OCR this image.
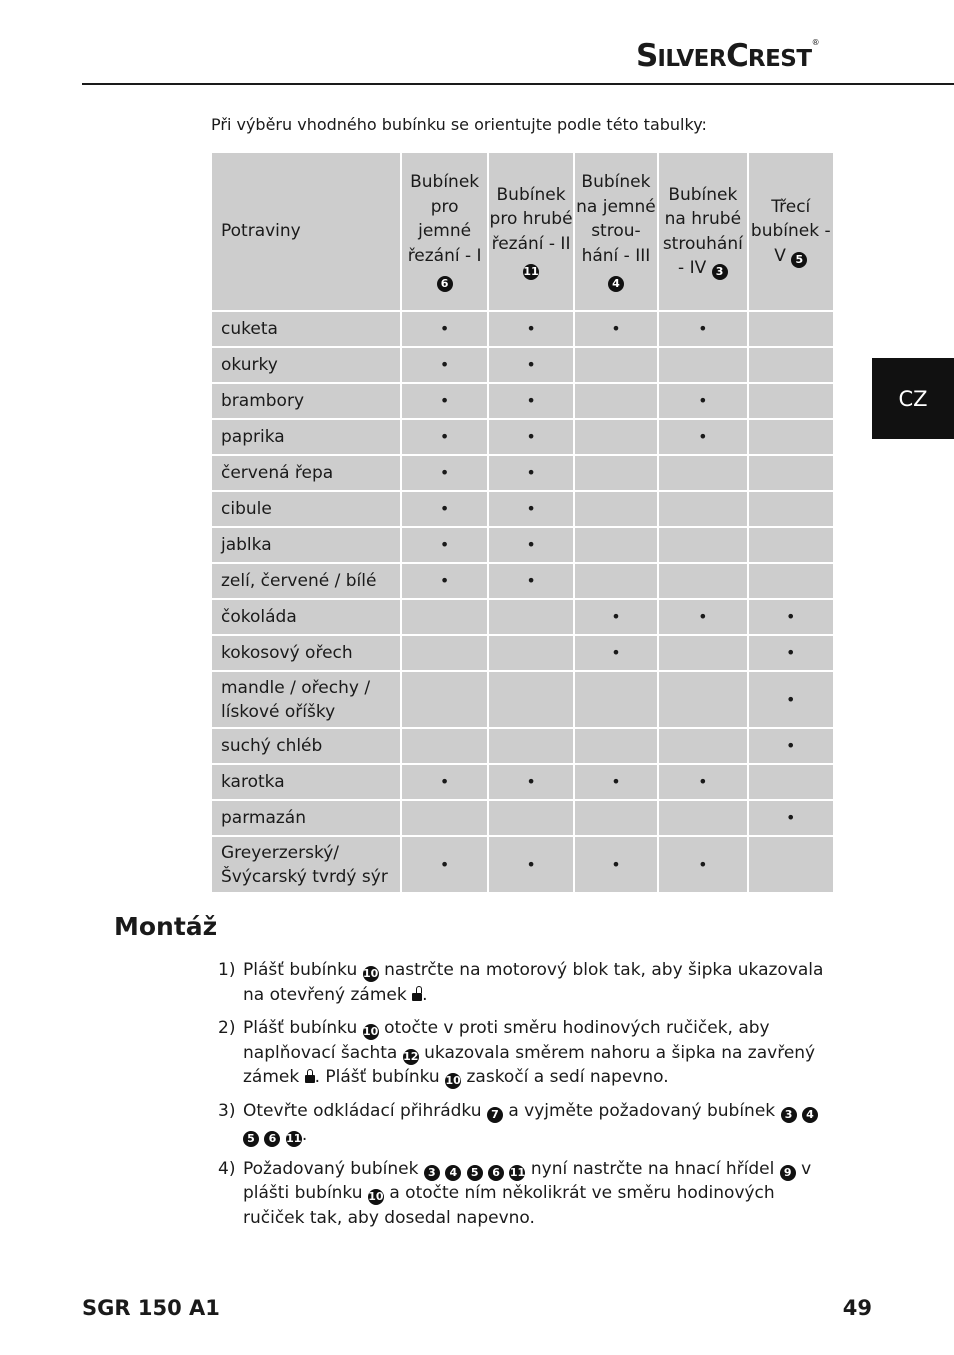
SILVERCREST®
CZ
Při výběru vhodného bubínku se orientujte podle této tabulky:
Potraviny	Bubínek pro jemné řezání - I 6	Bubínek pro hrubé řezání - II 11	Bubínek na jemné strou-hání - III 4	Bubínek na hrubé strouhání - IV 3	Třecí bubínek - V 5
cuketa	•	•	•	•	
okurky	•	•			
brambory	•	•		•	
paprika	•	•		•	
červená řepa	•	•			
cibule	•	•			
jablka	•	•			
zelí, červené / bílé	•	•			
čokoláda			•	•	•
kokosový ořech			•		•
mandle / ořechy / lískové oříšky					•
suchý chléb					•
karotka	•	•	•	•	
parmazán					•
Greyerzerský/ Švýcarský tvrdý sýr	•	•	•	•	
Montáž
1) Plášť bubínku 10 nastrčte na motorový blok tak, aby šipka ukazovala na otevřený zámek
.
2) Plášť bubínku 10 otočte v proti směru hodinových ručiček, aby naplňovací šachta 12 ukazovala směrem nahoru a šipka na zavřený zámek
. Plášť bubínku 10 zaskočí a sedí napevno.
3) Otevřte odkládací přihrádku 7 a vyjměte požadovaný bubínek 3 4 5 6 11.
4) Požadovaný bubínek 3 4 5 6 11 nyní nastrčte na hnací hřídel 9 v plášti bubínku 10 a otočte ním několikrát ve směru hodinových ručiček tak, aby dosedal napevno.
SGR 150 A1	49
